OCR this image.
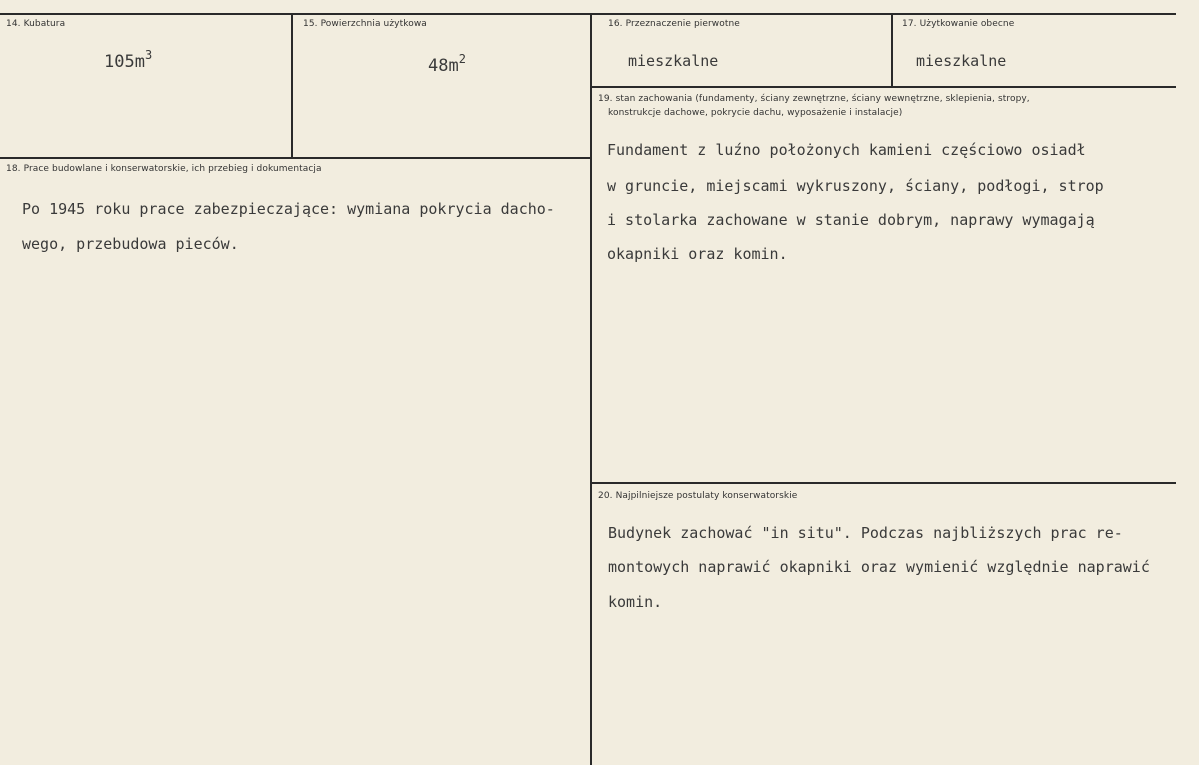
14. Kubatura
$105m^3$
15. Powierzchnia użytkowa
$48m^2$
16. Przeznaczenie pierwotne
mieszkalne
17. Użytkowanie obecne
mieszkalne
18. Prace budowlane i konserwatorskie, ich przebieg i dokumentacja
Po 1945 roku prace zabezpieczające: wymiana pokrycia dacho-
wego, przebudowa pieców.
19. stan zachowania (fundamenty, ściany zewnętrzne, ściany wewnętrzne, sklepienia, stropy,
konstrukcje dachowe, pokrycie dachu, wyposażenie i instalacje)
Fundament z luźno położonych kamieni częściowo osiadł
w gruncie, miejscami wykruszony, ściany, podłogi, strop
i stolarka zachowane w stanie dobrym, naprawy wymagają
okapniki oraz komin.
20. Najpilniejsze postulaty konserwatorskie
Budynek zachować "in situ". Podczas najbliższych prac re-
montowych naprawić okapniki oraz wymienić względnie naprawić
komin.
